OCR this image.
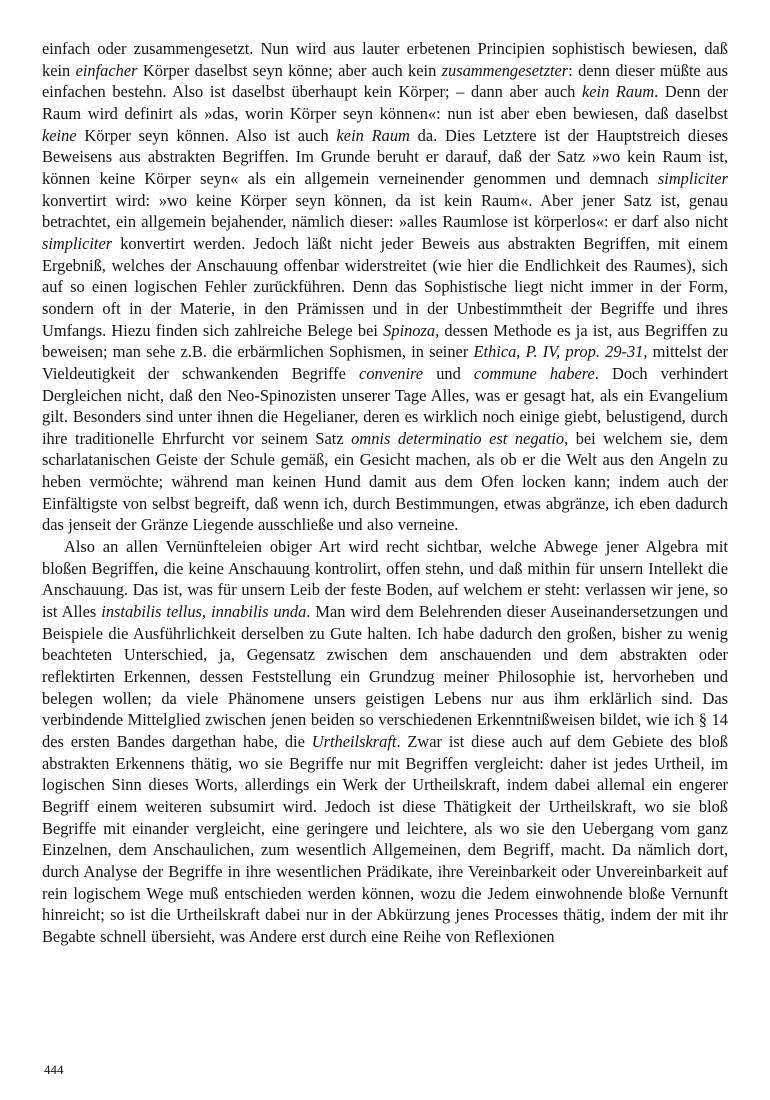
einfach oder zusammengesetzt. Nun wird aus lauter erbetenen Principien sophistisch bewiesen, daß kein einfacher Körper daselbst seyn könne; aber auch kein zusammengesetzter: denn dieser müßte aus einfachen bestehn. Also ist daselbst überhaupt kein Körper; – dann aber auch kein Raum. Denn der Raum wird definirt als »das, worin Körper seyn können«: nun ist aber eben bewiesen, daß daselbst keine Körper seyn können. Also ist auch kein Raum da. Dies Letztere ist der Hauptstreich dieses Beweisens aus abstrakten Begriffen. Im Grunde beruht er darauf, daß der Satz »wo kein Raum ist, können keine Körper seyn« als ein allgemein verneinender genommen und demnach simpliciter konvertirt wird: »wo keine Körper seyn können, da ist kein Raum«. Aber jener Satz ist, genau betrachtet, ein allgemein bejahender, nämlich dieser: »alles Raumlose ist körperlos«: er darf also nicht simpliciter konvertirt werden. Jedoch läßt nicht jeder Beweis aus abstrakten Begriffen, mit einem Ergebniß, welches der Anschauung offenbar widerstreitet (wie hier die Endlichkeit des Raumes), sich auf so einen logischen Fehler zurückführen. Denn das Sophistische liegt nicht immer in der Form, sondern oft in der Materie, in den Prämissen und in der Unbestimmtheit der Begriffe und ihres Umfangs. Hiezu finden sich zahlreiche Belege bei Spinoza, dessen Methode es ja ist, aus Begriffen zu beweisen; man sehe z.B. die erbärmlichen Sophismen, in seiner Ethica, P. IV, prop. 29-31, mittelst der Vieldeutigkeit der schwankenden Begriffe convenire und commune habere. Doch verhindert Dergleichen nicht, daß den Neo-Spinozisten unserer Tage Alles, was er gesagt hat, als ein Evangelium gilt. Besonders sind unter ihnen die Hegelianer, deren es wirklich noch einige giebt, belustigend, durch ihre traditionelle Ehrfurcht vor seinem Satz omnis determinatio est negatio, bei welchem sie, dem scharlatanischen Geiste der Schule gemäß, ein Gesicht machen, als ob er die Welt aus den Angeln zu heben vermöchte; während man keinen Hund damit aus dem Ofen locken kann; indem auch der Einfältigste von selbst begreift, daß wenn ich, durch Bestimmungen, etwas abgränze, ich eben dadurch das jenseit der Gränze Liegende ausschließe und also verneine.

Also an allen Vernünfteleien obiger Art wird recht sichtbar, welche Abwege jener Algebra mit bloßen Begriffen, die keine Anschauung kontrolirt, offen stehn, und daß mithin für unsern Intellekt die Anschauung. Das ist, was für unsern Leib der feste Boden, auf welchem er steht: verlassen wir jene, so ist Alles instabilis tellus, innabilis unda. Man wird dem Belehrenden dieser Auseinandersetzungen und Beispiele die Ausführlichkeit derselben zu Gute halten. Ich habe dadurch den großen, bisher zu wenig beachteten Unterschied, ja, Gegensatz zwischen dem anschauenden und dem abstrakten oder reflektirten Erkennen, dessen Feststellung ein Grundzug meiner Philosophie ist, hervorheben und belegen wollen; da viele Phänomene unsers geistigen Lebens nur aus ihm erklärlich sind. Das verbindende Mittelglied zwischen jenen beiden so verschiedenen Erkenntnißweisen bildet, wie ich § 14 des ersten Bandes dargethan habe, die Urtheilskraft. Zwar ist diese auch auf dem Gebiete des bloß abstrakten Erkennens thätig, wo sie Begriffe nur mit Begriffen vergleicht: daher ist jedes Urtheil, im logischen Sinn dieses Worts, allerdings ein Werk der Urtheilskraft, indem dabei allemal ein engerer Begriff einem weiteren subsumirt wird. Jedoch ist diese Thätigkeit der Urtheilskraft, wo sie bloß Begriffe mit einander vergleicht, eine geringere und leichtere, als wo sie den Uebergang vom ganz Einzelnen, dem Anschaulichen, zum wesentlich Allgemeinen, dem Begriff, macht. Da nämlich dort, durch Analyse der Begriffe in ihre wesentlichen Prädikate, ihre Vereinbarkeit oder Unvereinbarkeit auf rein logischem Wege muß entschieden werden können, wozu die Jedem einwohnende bloße Vernunft hinreicht; so ist die Urtheilskraft dabei nur in der Abkürzung jenes Processes thätig, indem der mit ihr Begabte schnell übersieht, was Andere erst durch eine Reihe von Reflexionen

444
